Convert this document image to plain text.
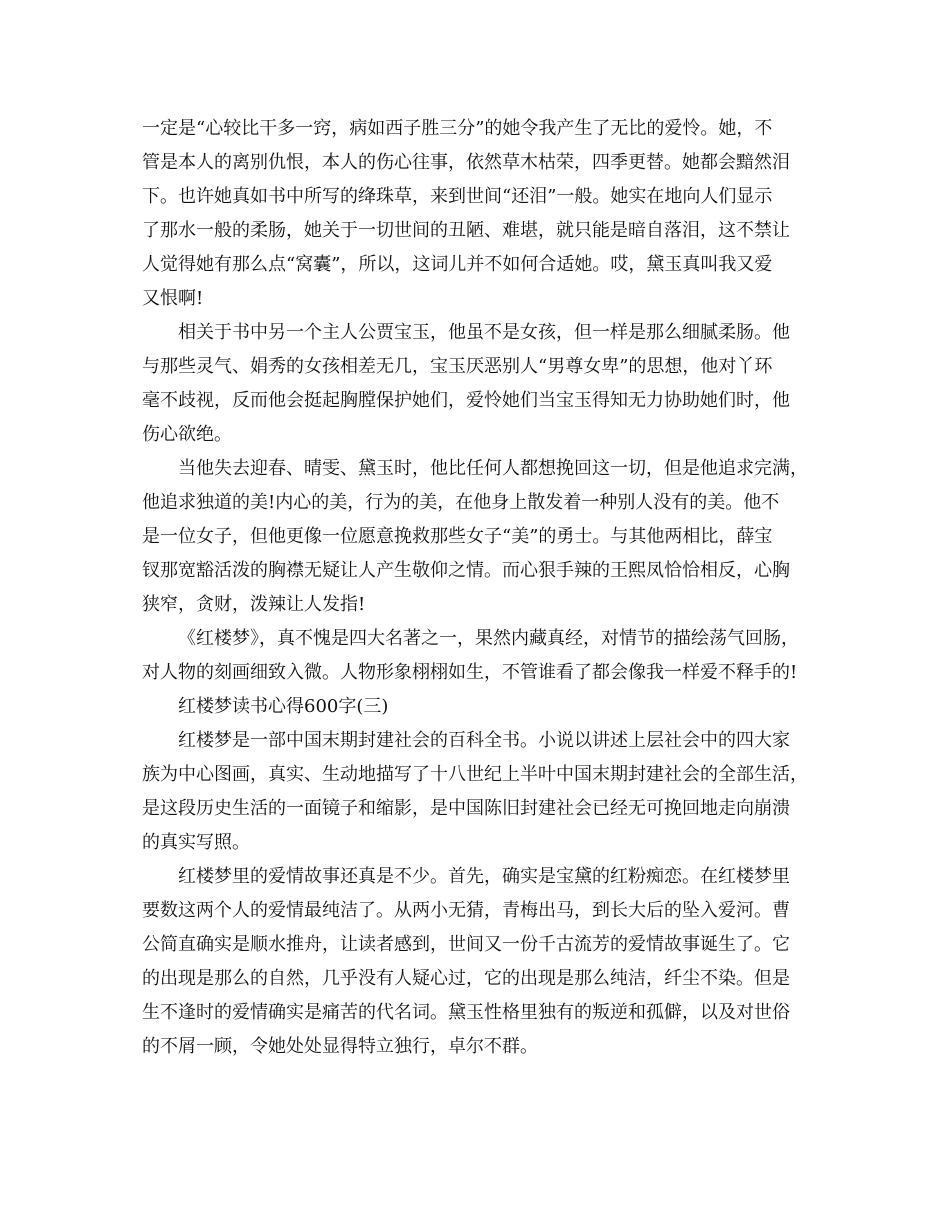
一定是“心较比干多一窍，病如西子胜三分”的她令我产生了无比的爱怜。她，不
管是本人的离别仇恨，本人的伤心往事，依然草木枯荣，四季更替。她都会黯然泪
下。也许她真如书中所写的绛珠草，来到世间“还泪”一般。她实在地向人们显示
了那水一般的柔肠，她关于一切世间的丑陋、难堪，就只能是暗自落泪，这不禁让
人觉得她有那么点“窝囊”，所以，这词儿并不如何合适她。哎，黛玉真叫我又爱
又恨啊!
相关于书中另一个主人公贾宝玉，他虽不是女孩，但一样是那么细腻柔肠。他
与那些灵气、娟秀的女孩相差无几，宝玉厌恶别人“男尊女卑”的思想，他对丫环
毫不歧视，反而他会挺起胸膛保护她们，爱怜她们当宝玉得知无力协助她们时，他
伤心欲绝。
当他失去迎春、晴雯、黛玉时，他比任何人都想挽回这一切，但是他追求完满，
他追求独道的美!内心的美，行为的美，在他身上散发着一种别人没有的美。他不
是一位女子，但他更像一位愿意挽救那些女子“美”的勇士。与其他两相比，薛宝
钗那宽豁活泼的胸襟无疑让人产生敬仰之情。而心狠手辣的王熙凤恰恰相反，心胸
狭窄，贪财，泼辣让人发指!
《红楼梦》，真不愧是四大名著之一，果然内藏真经，对情节的描绘荡气回肠，
对人物的刻画细致入微。人物形象栩栩如生，不管谁看了都会像我一样爱不释手的!
红楼梦读书心得600字(三)
红楼梦是一部中国末期封建社会的百科全书。小说以讲述上层社会中的四大家
族为中心图画，真实、生动地描写了十八世纪上半叶中国末期封建社会的全部生活，
是这段历史生活的一面镜子和缩影，是中国陈旧封建社会已经无可挽回地走向崩溃
的真实写照。
红楼梦里的爱情故事还真是不少。首先，确实是宝黛的红粉痴恋。在红楼梦里
要数这两个人的爱情最纯洁了。从两小无猜，青梅出马，到长大后的坠入爱河。曹
公简直确实是顺水推舟，让读者感到，世间又一份千古流芳的爱情故事诞生了。它
的出现是那么的自然，几乎没有人疑心过，它的出现是那么纯洁，纤尘不染。但是
生不逢时的爱情确实是痛苦的代名词。黛玉性格里独有的叛逆和孤僻，以及对世俗
的不屑一顾，令她处处显得特立独行，卓尔不群。
